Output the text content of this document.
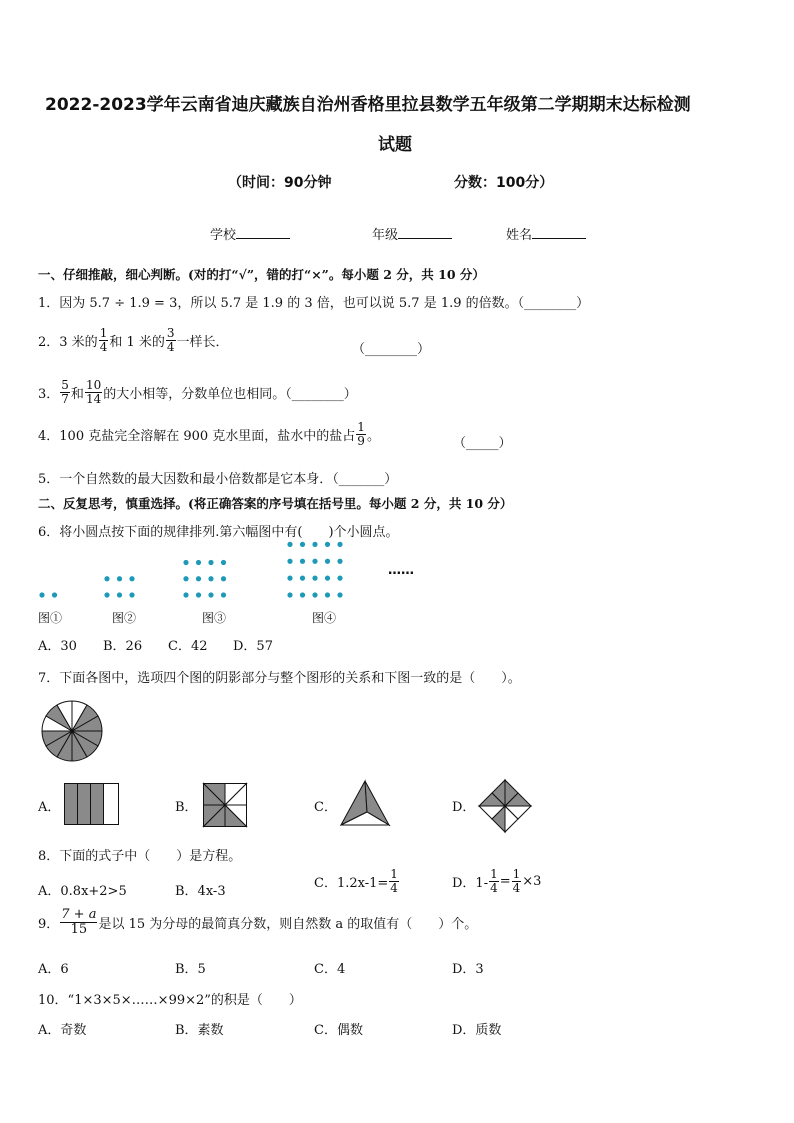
2022-2023学年云南省迪庆藏族自治州香格里拉县数学五年级第二学期期末达标检测
试题
（时间：90分钟	分数：100分）
学校	年级	姓名
一、仔细推敲，细心判断。(对的打“√”，错的打“×”。每小题 2 分，共 10 分）
1．因为 5.7 ÷ 1.9 = 3，所以 5.7 是 1.9 的 3 倍，也可以说 5.7 是 1.9 的倍数。（________）
2．3 米的 $\frac{1}{4}$ 和 1 米的 $\frac{3}{4}$ 一样长．	（________）
3． $\frac{5}{7}$ 和 $\frac{10}{14}$ 的大小相等，分数单位也相同。（________）
4．100 克盐完全溶解在 900 克水里面，盐水中的盐占 $\frac{1}{9}$ 。	（_____）
5．一个自然数的最大因数和最小倍数都是它本身．（_______）
二、反复思考，慎重选择。(将正确答案的序号填在括号里。每小题 2 分，共 10 分）
6．将小圆点按下面的规律排列.第六幅图中有(　　)个小圆点。
……
图①	图②	图③	图④
A．30 B．26 C．42 D．57
7．下面各图中，选项四个图的阴影部分与整个图形的关系和下图一致的是（　　）。
A．	B．	C．	D．
8．下面的式子中（　　）是方程。
A．0.8x+2>5	B．4x-3
C．$1.2x-1= \frac{1}{4}$	D．$1- \frac{1}{4} = \frac{1}{4} \times 3$
9． $\frac{7 + a}{15}$ 是以 15 为分母的最简真分数，则自然数 a 的取值有（　　）个。
A．6	B．5	C．4	D．3
10．“1×3×5×……×99×2”的积是（　　）
A．奇数	B．素数	C．偶数	D．质数
